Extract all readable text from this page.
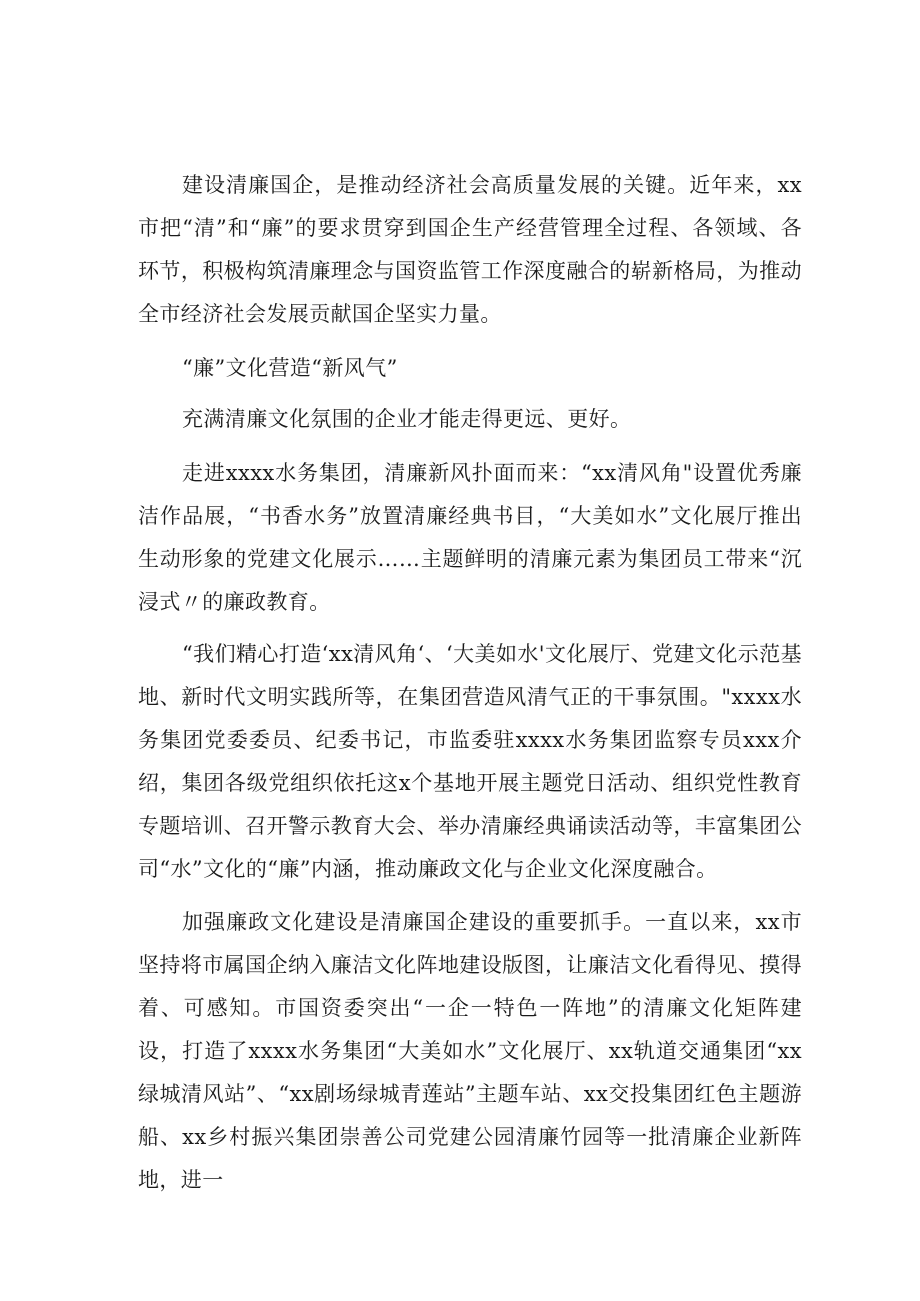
建设清廉国企，是推动经济社会高质量发展的关键。近年来，xx市把“清”和“廉”的要求贯穿到国企生产经营管理全过程、各领域、各环节，积极构筑清廉理念与国资监管工作深度融合的崭新格局，为推动全市经济社会发展贡献国企坚实力量。

“廉”文化营造“新风气”

充满清廉文化氛围的企业才能走得更远、更好。

走进xxxx水务集团，清廉新风扑面而来：“xx清风角"设置优秀廉洁作品展，“书香水务”放置清廉经典书目，“大美如水”文化展厅推出生动形象的党建文化展示……主题鲜明的清廉元素为集团员工带来“沉浸式〃的廉政教育。

“我们精心打造‘xx清风角‘、‘大美如水'文化展厅、党建文化示范基地、新时代文明实践所等，在集团营造风清气正的干事氛围。"xxxx水务集团党委委员、纪委书记，市监委驻xxxx水务集团监察专员xxx介绍，集团各级党组织依托这x个基地开展主题党日活动、组织党性教育专题培训、召开警示教育大会、举办清廉经典诵读活动等，丰富集团公司“水”文化的“廉”内涵，推动廉政文化与企业文化深度融合。

加强廉政文化建设是清廉国企建设的重要抓手。一直以来，xx市坚持将市属国企纳入廉洁文化阵地建设版图，让廉洁文化看得见、摸得着、可感知。市国资委突出“一企一特色一阵地”的清廉文化矩阵建设，打造了xxxx水务集团“大美如水”文化展厅、xx轨道交通集团“xx绿城清风站”、“xx剧场绿城青莲站”主题车站、xx交投集团红色主题游船、xx乡村振兴集团崇善公司党建公园清廉竹园等一批清廉企业新阵地，进一
